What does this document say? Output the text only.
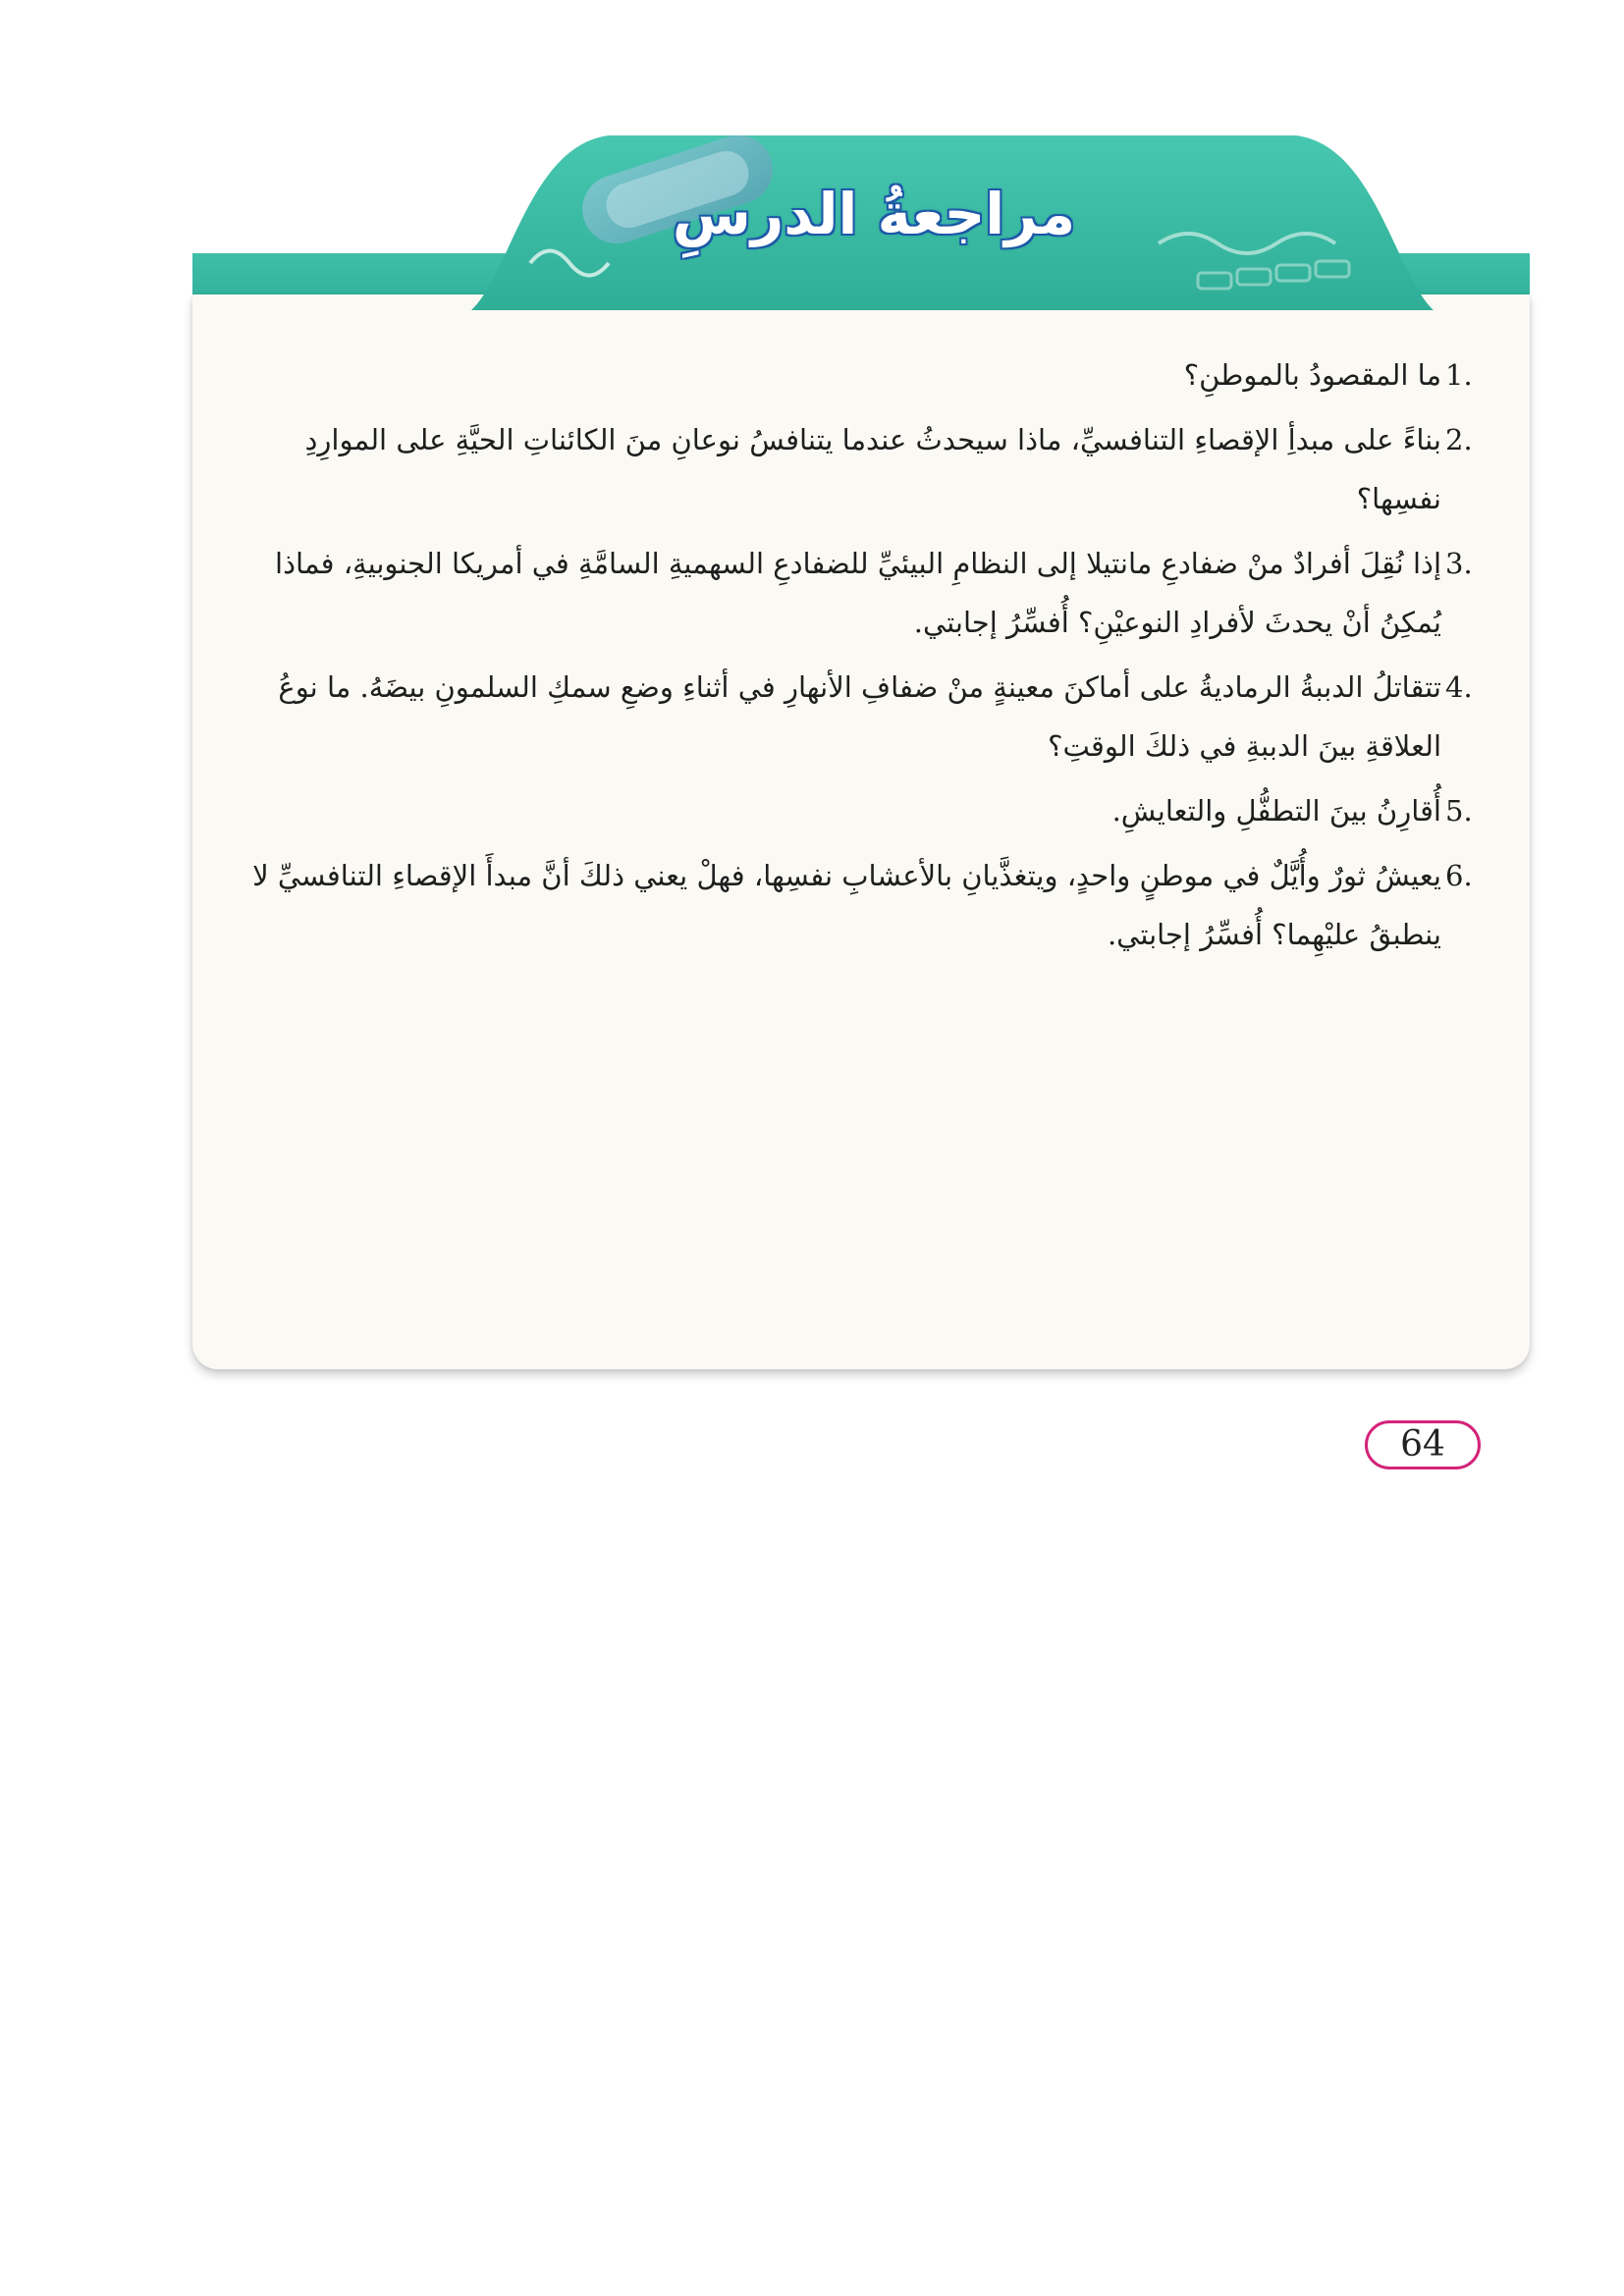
مراجعةُ الدرسِ
1.
ما المقصودُ بالموطنِ؟
2.
بناءً على مبدأِ الإقصاءِ التنافسيِّ، ماذا سيحدثُ عندما يتنافسُ نوعانِ منَ الكائناتِ الحيَّةِ على الموارِدِ نفسِها؟
3.
إذا نُقِلَ أفرادٌ منْ ضفادعِ مانتيلا إلى النظامِ البيئيِّ للضفادعِ السهميةِ السامَّةِ في أمريكا الجنوبيةِ، فماذا يُمكِنُ أنْ يحدثَ لأفرادِ النوعيْنِ؟ أُفسِّرُ إجابتي.
4.
تتقاتلُ الدببةُ الرماديةُ على أماكنَ معينةٍ منْ ضفافِ الأنهارِ في أثناءِ وضعِ سمكِ السلمونِ بيضَهُ. ما نوعُ العلاقةِ بينَ الدببةِ في ذلكَ الوقتِ؟
5.
أُقارِنُ بينَ التطفُّلِ والتعايشِ.
6.
يعيشُ ثورٌ وأُيَّلٌ في موطنٍ واحدٍ، ويتغذَّيانِ بالأعشابِ نفسِها، فهلْ يعني ذلكَ أنَّ مبدأَ الإقصاءِ التنافسيِّ لا ينطبقُ عليْهِما؟ أُفسِّرُ إجابتي.
64
